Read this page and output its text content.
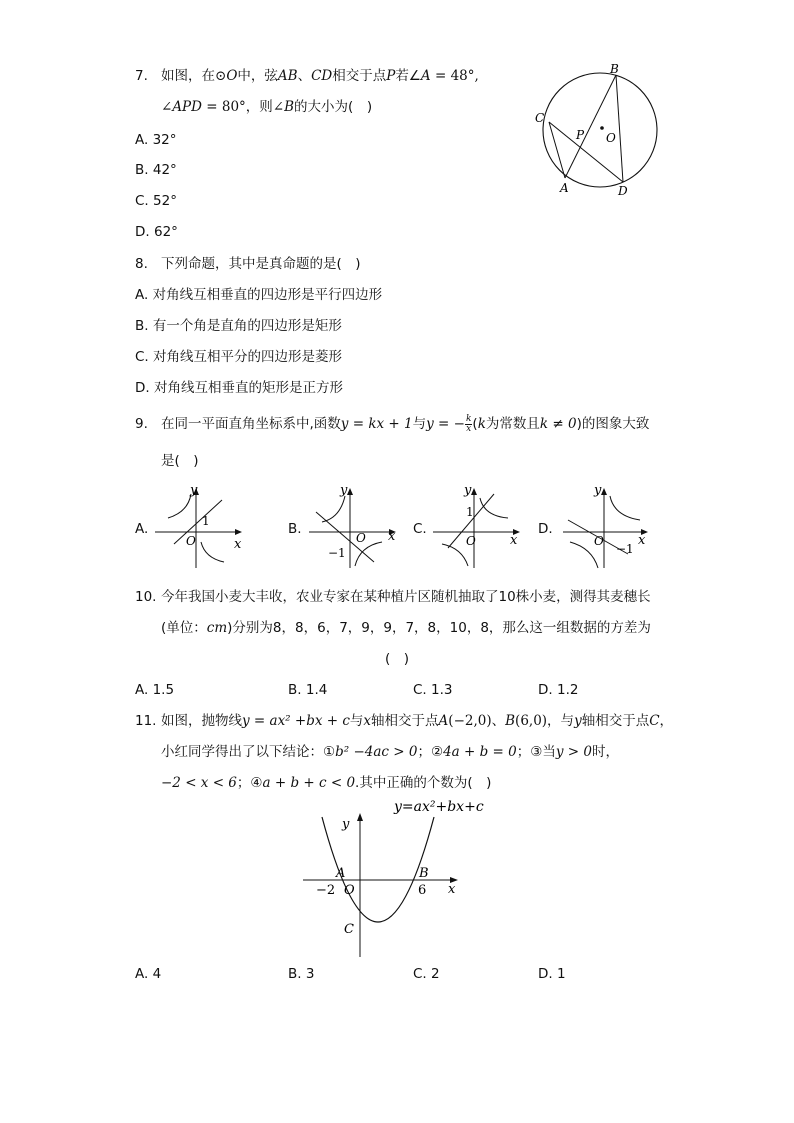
7. 如图，在⊙O中，弦AB、CD相交于点P若∠A = 48°,
∠APD = 80°，则∠B的大小为(　)
A. 32°
B. 42°
C. 52°
D. 62°
B
C
P O
A	D
8. 下列命题，其中是真命题的是(　)
A. 对角线互相垂直的四边形是平行四边形
B. 有一个角是直角的四边形是矩形
C. 对角线互相平分的四边形是菱形
D. 对角线互相垂直的矩形是正方形
9. 在同一平面直角坐标系中,函数y = kx + 1与y = − $\frac{k}{x} (k$为常数且k ≠ 0)的图象大致
是(　)
A.
y
x
O
1	B.
y
x
O
−1
C.
y
x
O
1
D.
y
x
O
−1
10. 今年我国小麦大丰收，农业专家在某种植片区随机抽取了10株小麦，测得其麦穗长
(单位：cm)分别为8，8，6，7，9，9，7，8，10，8，那么这一组数据的方差为
(　)
A. 1.5	B. 1.4	C. 1.3	D. 1.2
11. 如图，抛物线y = ax² +bx + c与x轴相交于点A(−2,0)、B(6,0)，与y轴相交于点C，
小红同学得出了以下结论：①b² −4ac > 0；②4a + b = 0；③当y > 0时，
−2 < x < 6；④a + b + c < 0.其中正确的个数为(　)
y=ax²+bx+c
y
x
O
A	B
C
−2	6
A. 4	B. 3	C. 2	D. 1
